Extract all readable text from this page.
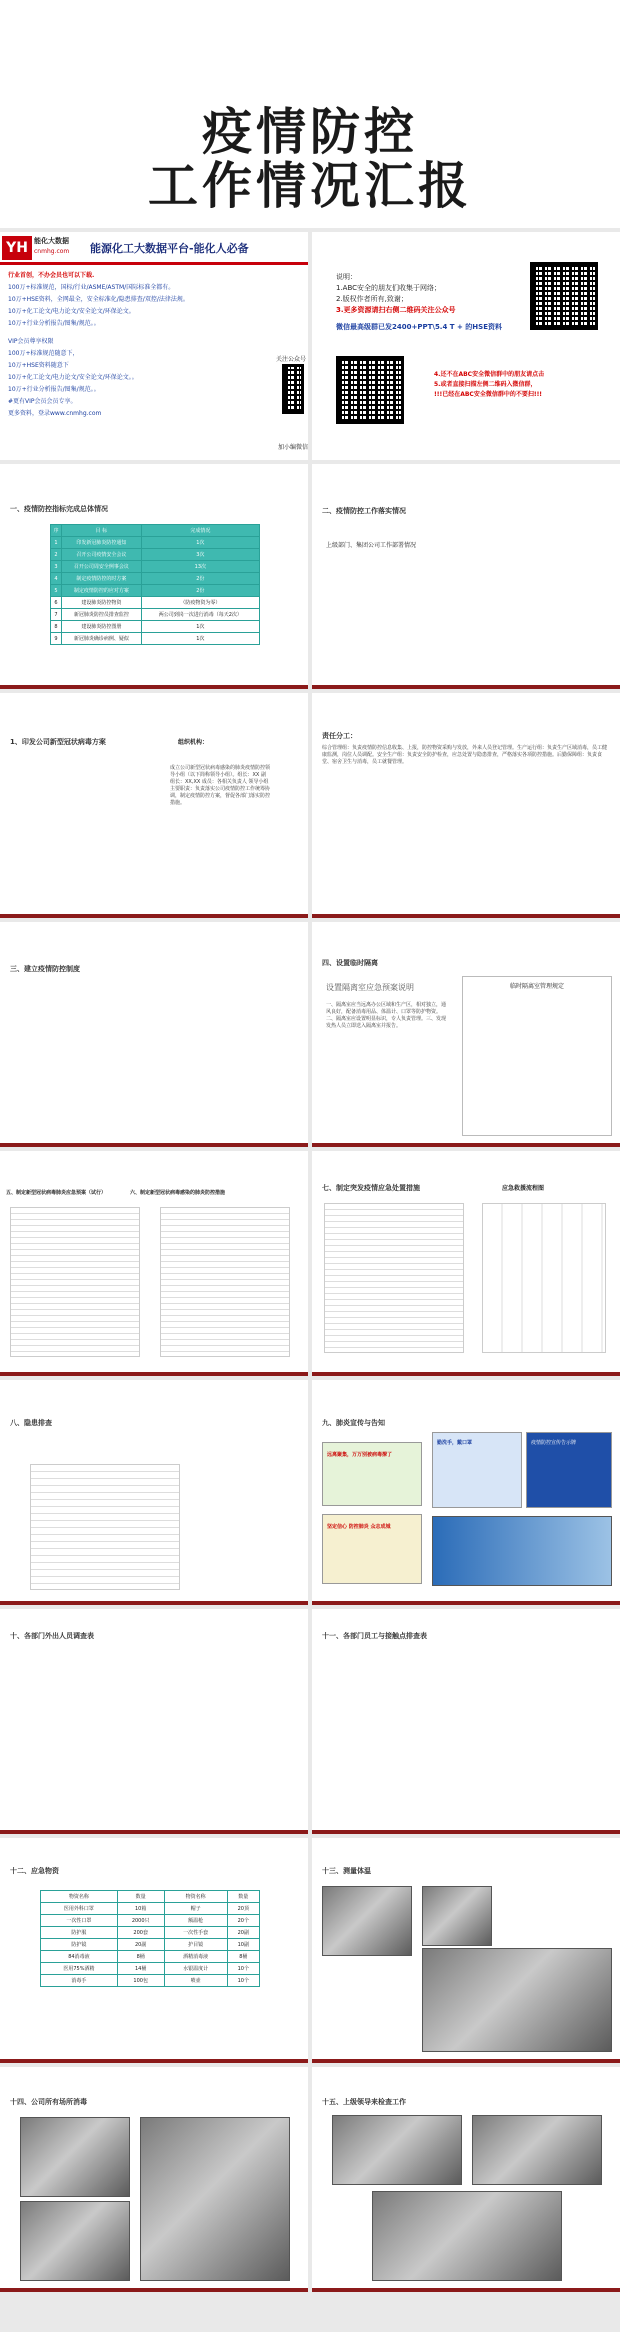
疫情防控
工作情况汇报
YH 能化大数据
cnmhg.com 能源化工大数据平台-能化人必备
行业首创，不办会员也可以下载.
100万+标准规范，国标/行业/ASME/ASTM/国际标准全都有。
10万+HSE资料，全网最全，安全标准化/隐患排查/双控/法律法规。
10万+化工论文/电力论文/安全论文/环保论文。
10万+行业分析报告/图集/规范。。
VIP会员尊享权限
100万+标准规范随意下，
10万+HSE资料随意下
10万+化工论文/电力论文/安全论文/环保论文。。
10万+行业分析报告/图集/规范。。
#更有VIP会员会员专享。
更多资料，登录www.cnmhg.com
关注公众号
加小编微信
说明：
1.ABC安全的朋友们收集于网络；
2.版权作者所有,致谢；
3.更多资源请扫右侧二维码关注公众号
微信最高级群已发2400+PPT\5.4 T + 的HSE资料
4.还不在ABC安全微信群中的朋友请点击
5.或者直接扫描左侧二维码入微信群，
!!!已经在ABC安全微信群中的不要扫!!!
一、疫情防控指标完成总体情况
序	目 标	完成情况
1	印发新冠肺炎防控通知	1次
2	召开公司疫情安全会议	3次
3	召开公司周安全例事会议	13次
4	制定疫情防控的时方案	2份
5	制定疫情防控的应对方案	2份
6	建设肺炎防控物资	（防疫物资为零）
7	新冠肺炎防控员排查监控	两公司到岗一次进行消毒（每天2次）
8	建设肺炎防控图册	1次
9	新冠肺炎确诊病例、疑似	1次
二、疫情防控工作落实情况
上级部门、集团公司工作部署情况
1、印发公司新型冠状病毒方案	组织机构：
成立公司新型冠状病毒感染的肺炎疫情防控领导小组（以下简称领导小组）。组长：XX 副组长：XX,XX 成员：各相关负责人 领导小组主要职责：负责落实公司疫情防控工作统筹协调，制定疫情防控方案，督促各部门落实防控措施。
责任分工：
综合管理组：负责疫情防控信息收集、上报，防控物资采购与发放，外来人员登记管理。生产运行组：负责生产区域消毒，员工健康监测，岗位人员调配。安全生产组：负责安全防护检查，应急处置与隐患排查，严格落实各项防控措施。后勤保障组：负责食堂、宿舍卫生与消毒，员工就餐管理。
三、建立疫情防控制度
四、设置临时隔离
设置隔离室应急预案说明
一、隔离室应当远离办公区域和生产区，相对独立，通风良好，配备消毒用品、体温计、口罩等防护物资。二、隔离室应设置明显标识，专人负责管理。三、发现发热人员立即送入隔离室并报告。
临时隔离室管理规定
五、制定新型冠状病毒肺炎应急预案（试行）	六、制定新型冠状病毒感染的肺炎防控措施
七、制定突发疫情应急处置措施	应急救援流程图
八、隐患排查	九、肺炎宣传与告知
远离聚集，万万别被病毒撩了
坚定信心 防控肺炎 众志成城
勤洗手，戴口罩	疫情防控宣传告示牌
十、各部门外出人员调查表	十一、各部门员工与接触点排查表
十二、应急物资
物资名称	数量	物资名称	数量
医用外科口罩	10箱	帽子	20顶
一次性口罩	2000只	额温枪	20个
防护服	200套	一次性手套	20副
防护镜	20副	护目镜	10副
84消毒液	8桶	酒精消毒液	8桶
医用75%酒精	14桶	水银温度计	10个
消毒手	100包	喷壶	10个
十三、测量体温
十四、公司所有场所消毒	十五、上级领导来检查工作
